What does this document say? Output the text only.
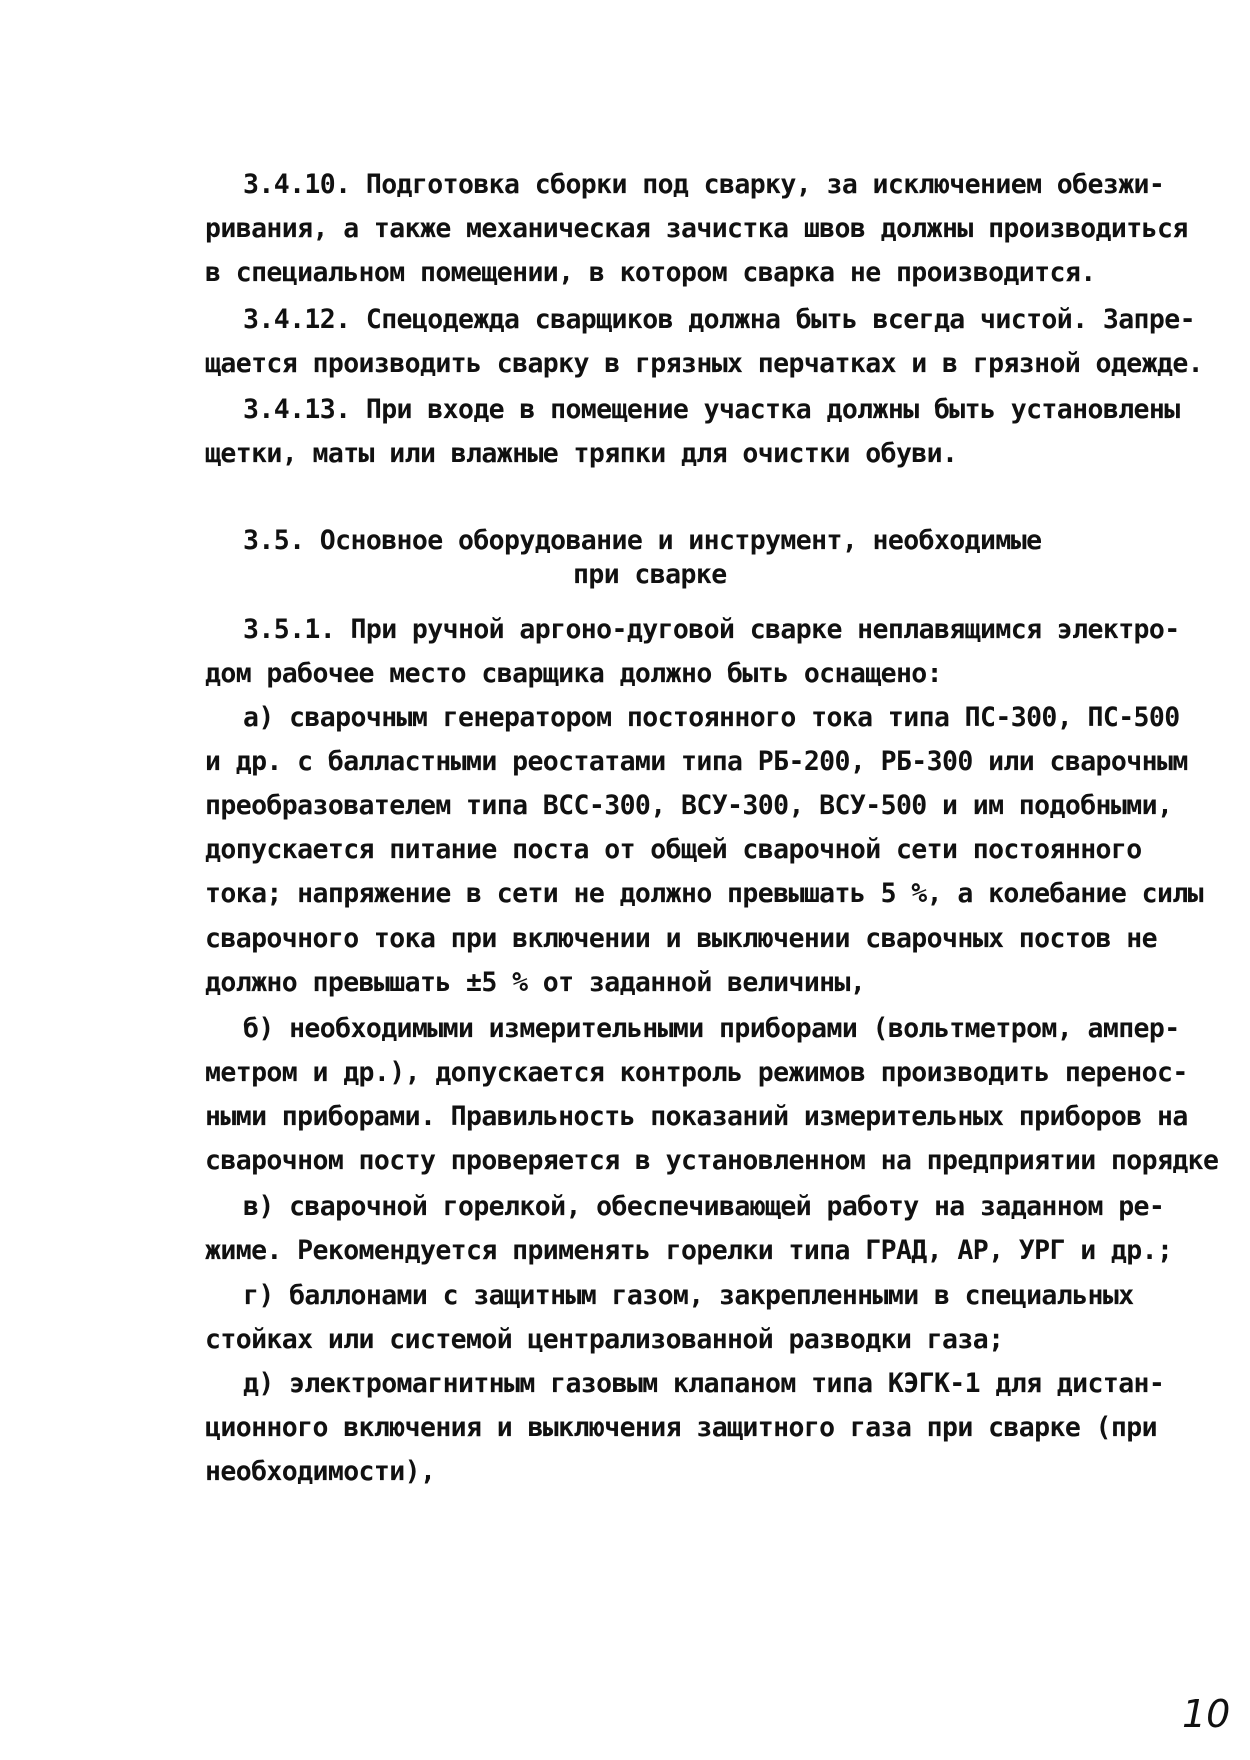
3.4.10. Подготовка сборки под сварку, за исключением обезжи-
ривания, а также механическая зачистка швов должны производиться
в специальном помещении, в котором сварка не производится.
3.4.12. Спецодежда сварщиков должна быть всегда чистой. Запре-
щается производить сварку в грязных перчатках и в грязной одежде.
3.4.13. При входе в помещение участка должны быть установлены
щетки, маты или влажные тряпки для очистки обуви.
3.5. Основное оборудование и инструмент, необходимые
при сварке
3.5.1. При ручной аргоно-дуговой сварке неплавящимся электро-
дом рабочее место сварщика должно быть оснащено:
а) сварочным генератором постоянного тока типа ПС-300, ПС-500
и др. с балластными реостатами типа РБ-200, РБ-300 или сварочным
преобразователем типа ВСС-300, ВСУ-300, ВСУ-500 и им подобными,
допускается питание поста от общей сварочной сети постоянного
тока; напряжение в сети не должно превышать 5 %, а колебание силы
сварочного тока при включении и выключении сварочных постов не
должно превышать ±5 % от заданной величины,
б) необходимыми измерительными приборами (вольтметром, ампер-
метром и др.), допускается контроль режимов производить перенос-
ными приборами. Правильность показаний измерительных приборов на
сварочном посту проверяется в установленном на предприятии порядке
в) сварочной горелкой, обеспечивающей работу на заданном ре-
жиме. Рекомендуется применять горелки типа ГРАД, АР, УРГ и др.;
г) баллонами с защитным газом, закрепленными в специальных
стойках или системой централизованной разводки газа;
д) электромагнитным газовым клапаном типа КЭГК-1 для дистан-
ционного включения и выключения защитного газа при сварке (при
необходимости),
10
